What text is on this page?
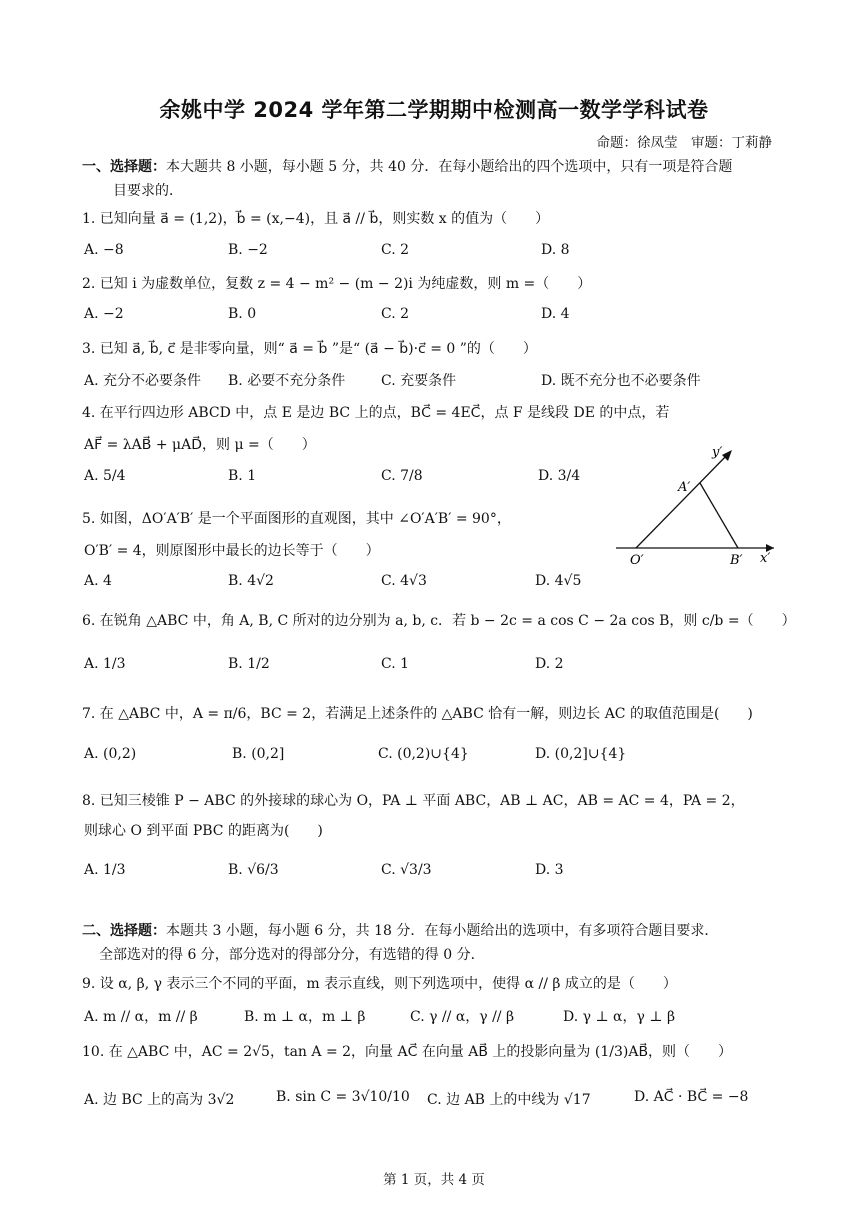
余姚中学 2024 学年第二学期期中检测高一数学学科试卷
命题：徐凤莹　审题：丁莉静
一、选择题：本大题共 8 小题，每小题 5 分，共 40 分．在每小题给出的四个选项中，只有一项是符合题
目要求的．
1. 已知向量 a⃗ = (1,2)，b⃗ = (x,−4)，且 a⃗ // b⃗，则实数 x 的值为（　　）
A. −8	B. −2	C. 2	D. 8
2. 已知 i 为虚数单位，复数 z = 4 − m² − (m − 2)i 为纯虚数，则 m =（　　）
A. −2	B. 0	C. 2	D. 4
3. 已知 a⃗, b⃗, c⃗ 是非零向量，则“ a⃗ = b⃗ ”是“ (a⃗ − b⃗)·c⃗ = 0 ”的（　　）
A. 充分不必要条件 B. 必要不充分条件	C. 充要条件	D. 既不充分也不必要条件
4. 在平行四边形 ABCD 中，点 E 是边 BC 上的点，BC⃗ = 4EC⃗，点 F 是线段 DE 的中点，若
AF⃗ = λAB⃗ + μAD⃗，则 μ =（　　）
A. 5/4	B. 1	C. 7/8	D. 3/4
y′
A′
O′	B′ x′
5. 如图，ΔO′A′B′ 是一个平面图形的直观图，其中 ∠O′A′B′ = 90°，
O′B′ = 4，则原图形中最长的边长等于（　　）
A. 4	B. 4√2	C. 4√3	D. 4√5
6. 在锐角 △ABC 中，角 A, B, C 所对的边分别为 a, b, c．若 b − 2c = a cos C − 2a cos B，则 c/b =（　　）
A. 1/3	B. 1/2	C. 1	D. 2
7. 在 △ABC 中，A = π/6，BC = 2，若满足上述条件的 △ABC 恰有一解，则边长 AC 的取值范围是(　　)
A. (0,2)	B. (0,2]	C. (0,2)∪{4}	D. (0,2]∪{4}
8. 已知三棱锥 P − ABC 的外接球的球心为 O，PA ⊥ 平面 ABC，AB ⊥ AC，AB = AC = 4，PA = 2，
则球心 O 到平面 PBC 的距离为(　　)
A. 1/3	B. √6/3	C. √3/3	D. 3
二、选择题：本题共 3 小题，每小题 6 分，共 18 分．在每小题给出的选项中，有多项符合题目要求．
全部选对的得 6 分，部分选对的得部分分，有选错的得 0 分．
9. 设 α, β, γ 表示三个不同的平面，m 表示直线，则下列选项中，使得 α // β 成立的是（　　）
A. m // α，m // β	B. m ⊥ α，m ⊥ β	C. γ // α，γ // β	D. γ ⊥ α，γ ⊥ β
10. 在 △ABC 中，AC = 2√5，tan A = 2，向量 AC⃗ 在向量 AB⃗ 上的投影向量为 (1/3)AB⃗，则（　　）
A. 边 BC 上的高为 3√2	B. sin C = 3√10/10 C. 边 AB 上的中线为 √17	D. AC⃗ · BC⃗ = −8
第 1 页，共 4 页
